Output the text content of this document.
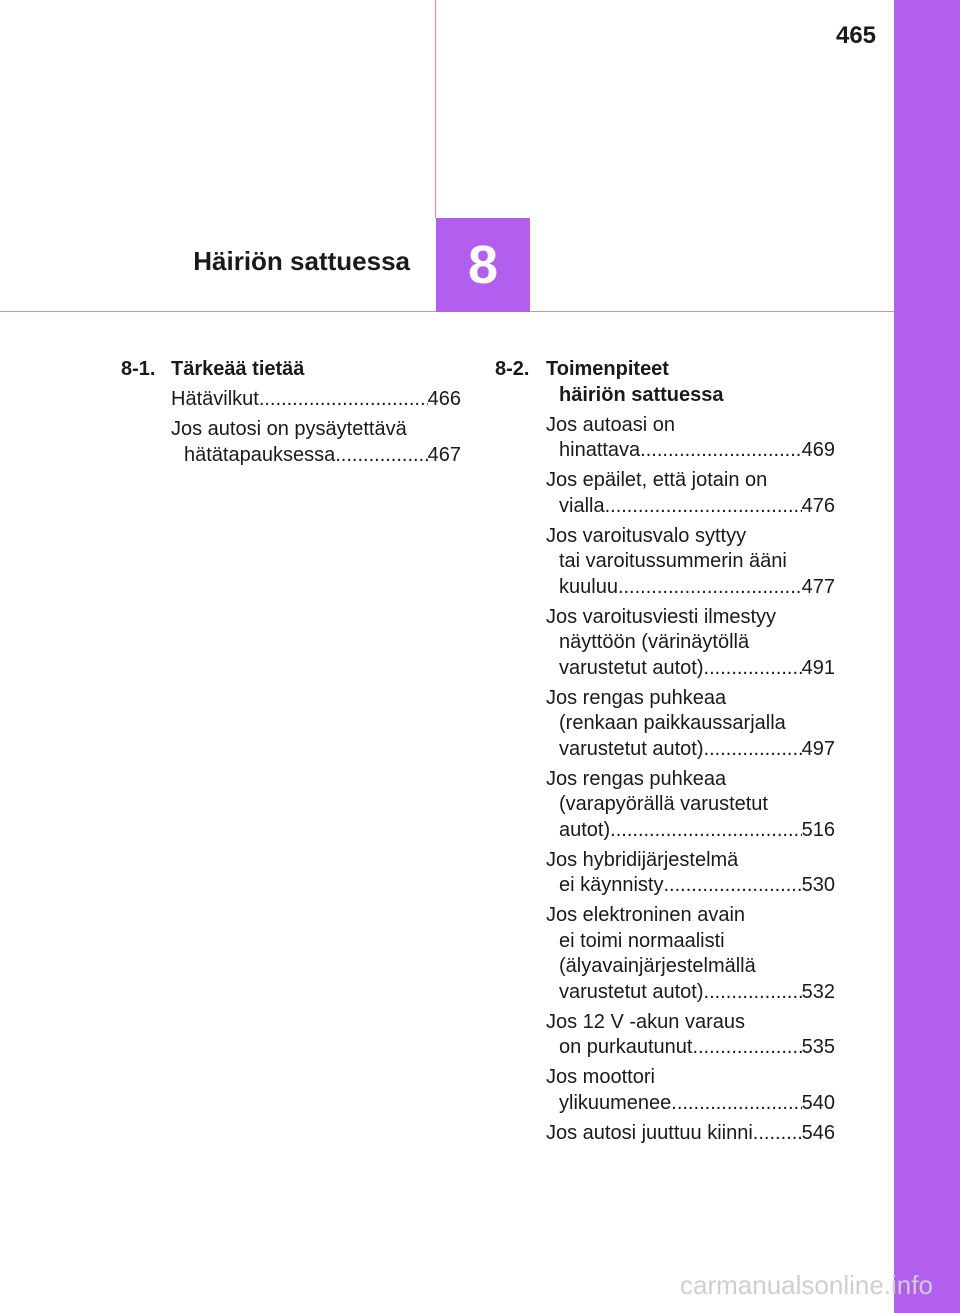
465
Häiriön sattuessa	8
8-1. Tärkeää tietää
Hätävilkut .....	466
Jos autosi on pysäytettävä
hätätapauksessa .....	467
8-2. Toimenpiteet
häiriön sattuessa
Jos autoasi on
hinattava .....	469
Jos epäilet, että jotain on
vialla .....	476
Jos varoitusvalo syttyy
tai varoitussummerin ääni
kuuluu .....	477
Jos varoitusviesti ilmestyy
näyttöön (värinäytöllä
varustetut autot) .....	491
Jos rengas puhkeaa
(renkaan paikkaussarjalla
varustetut autot) .....	497
Jos rengas puhkeaa
(varapyörällä varustetut
autot) .....	516
Jos hybridijärjestelmä
ei käynnisty .....	530
Jos elektroninen avain
ei toimi normaalisti
(älyavainjärjestelmällä
varustetut autot) .....	532
Jos 12 V -akun varaus
on purkautunut .....	535
Jos moottori
ylikuumenee .....	540
Jos autosi juuttuu kiinni ..... 546
carmanualsonline.info
